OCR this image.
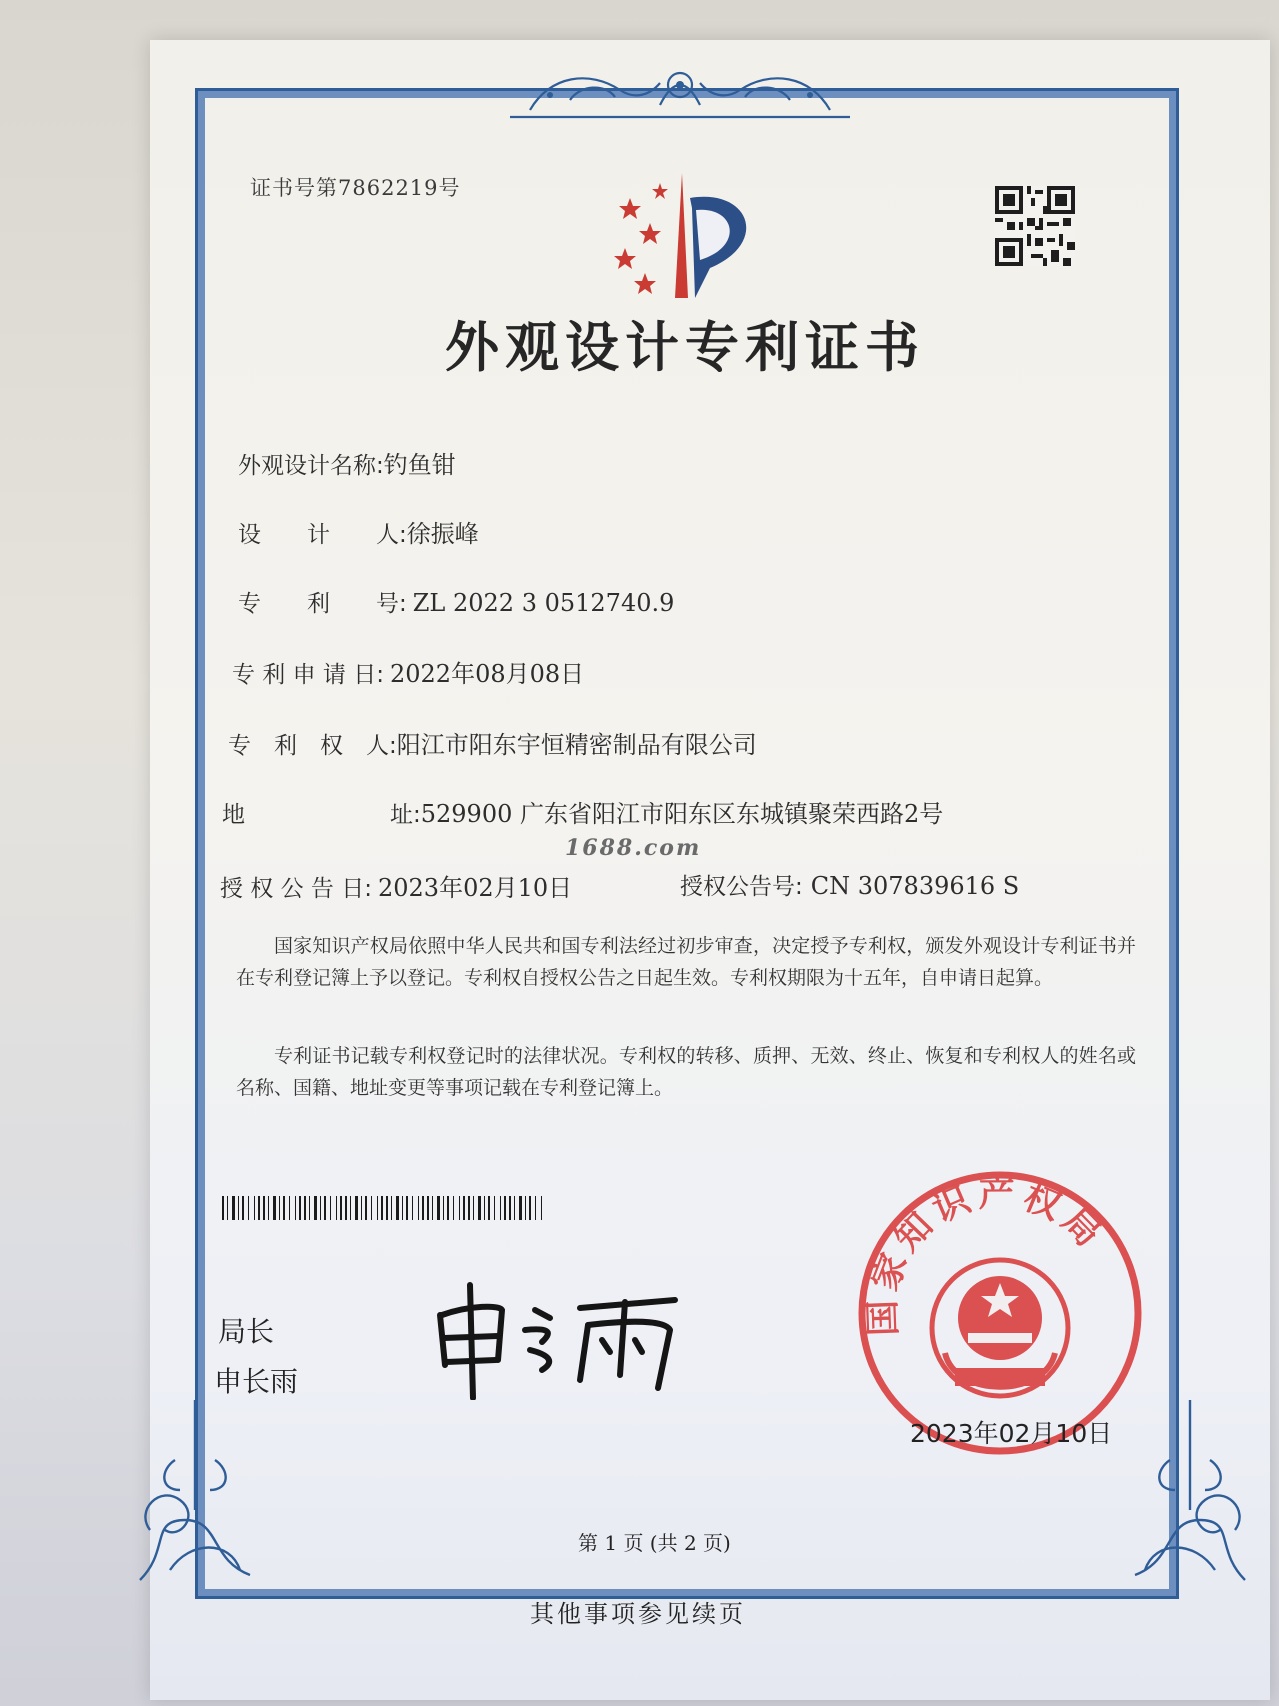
证书号第7862219号
外观设计专利证书
外观设计名称:钓鱼钳
设　　计　　人:徐振峰
专　　利　　号: ZL 2022 3 0512740.9
专 利 申 请 日: 2022年08月08日
专　利　权　人:阳江市阳东宇恒精密制品有限公司
地	址:529900 广东省阳江市阳东区东城镇聚荣西路2号
1688.com
授 权 公 告 日: 2023年02月10日	授权公告号: CN 307839616 S
国家知识产权局依照中华人民共和国专利法经过初步审查，决定授予专利权，颁发外观设计专利证书并在专利登记簿上予以登记。专利权自授权公告之日起生效。专利权期限为十五年，自申请日起算。
专利证书记载专利权登记时的法律状况。专利权的转移、质押、无效、终止、恢复和专利权人的姓名或名称、国籍、地址变更等事项记载在专利登记簿上。
局长
申长雨
国家知识产权局
2023年02月10日
第 1 页 (共 2 页)
其他事项参见续页
